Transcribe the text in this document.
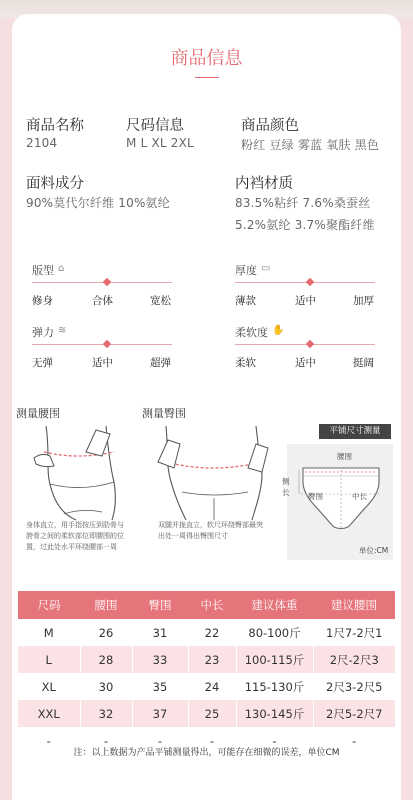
商品信息
商品名称
2104
尺码信息
M L XL 2XL
商品颜色
粉红 豆绿 雾蓝 氧肤 黑色
面料成分
90%莫代尔纤维 10%氨纶
内裆材质
83.5%粘纤 7.6%桑蚕丝
5.2%氨纶 3.7%聚酯纤维
版型 ⌂
修身	合体	宽松
厚度 ▭
薄款	适中	加厚
弹力 ≋
无弹	适中	超弹
柔软度 ✋
柔软	适中	挺阔
测量腰围
身体直立，用手指按压到肋骨与胯骨之间的柔软部位即腰围的位置，过此处水平环绕腰部一周
测量臀围
双腿并拢直立，软尺环绕臀部最突出处一周得出臀围尺寸
平铺尺寸测量
腰围
侧长	臀围	中长
单位:CM
尺码	腰围	臀围	中长	建议体重	建议腰围
M	26	31	22	80-100斤	1尺7-2尺1
L	28	33	23	100-115斤	2尺-2尺3
XL	30	35	24	115-130斤	2尺3-2尺5
XXL	32	37	25	130-145斤	2尺5-2尺7
-	-	-	-	-	-
注：以上数据为产品平铺测量得出，可能存在细微的误差，单位CM
